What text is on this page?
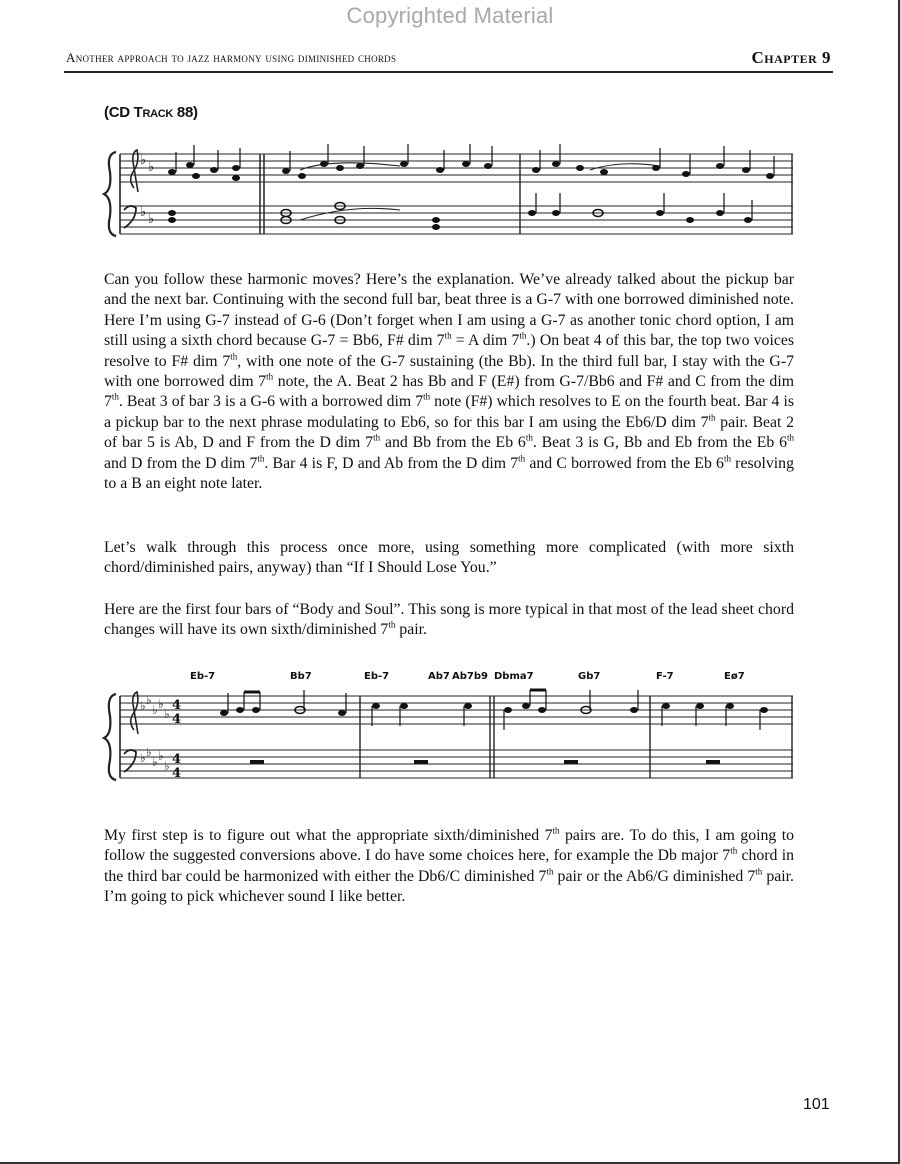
Copyrighted Material
Another approach to jazz harmony using diminished chords	Chapter 9
(CD Track 88)
♭ ♭
♭ ♭

Can you follow these harmonic moves? Here’s the explanation. We’ve already talked about the pickup bar and the next bar. Continuing with the second full bar, beat three is a G-7 with one borrowed diminished note. Here I’m using G-7 instead of G-6 (Don’t forget when I am using a G-7 as another tonic chord option, I am still using a sixth chord because G-7 = Bb6, F# dim 7th = A dim 7th.) On beat 4 of this bar, the top two voices resolve to F# dim 7th, with one note of the G-7 sustaining (the Bb). In the third full bar, I stay with the G-7 with one borrowed dim 7th note, the A. Beat 2 has Bb and F (E#) from G-7/Bb6 and F# and C from the dim 7th. Beat 3 of bar 3 is a G-6 with a borrowed dim 7th note (F#) which resolves to E on the fourth beat. Bar 4 is a pickup bar to the next phrase modulating to Eb6, so for this bar I am using the Eb6/D dim 7th pair. Beat 2 of bar 5 is Ab, D and F from the D dim 7th and Bb from the Eb 6th. Beat 3 is G, Bb and Eb from the Eb 6th and D from the D dim 7th. Bar 4 is F, D and Ab from the D dim 7th and C borrowed from the Eb 6th resolving to a B an eight note later.

Let’s walk through this process once more, using something more complicated (with more sixth chord/diminished pairs, anyway) than “If I Should Lose You.”

Here are the first four bars of “Body and Soul”. This song is more typical in that most of the lead sheet chord changes will have its own sixth/diminished 7th pair.

Eb-7	Bb7	Eb-7	Ab7 Ab7b9 Dbma7	Gb7	F-7	Eø7
♭ ♭
♭ ♭
♭
♭ ♭
♭ ♭
♭
4
4
4
4

My first step is to figure out what the appropriate sixth/diminished 7th pairs are. To do this, I am going to follow the suggested conversions above. I do have some choices here, for example the Db major 7th chord in the third bar could be harmonized with either the Db6/C diminished 7th pair or the Ab6/G diminished 7th pair. I’m going to pick whichever sound I like better.

101
